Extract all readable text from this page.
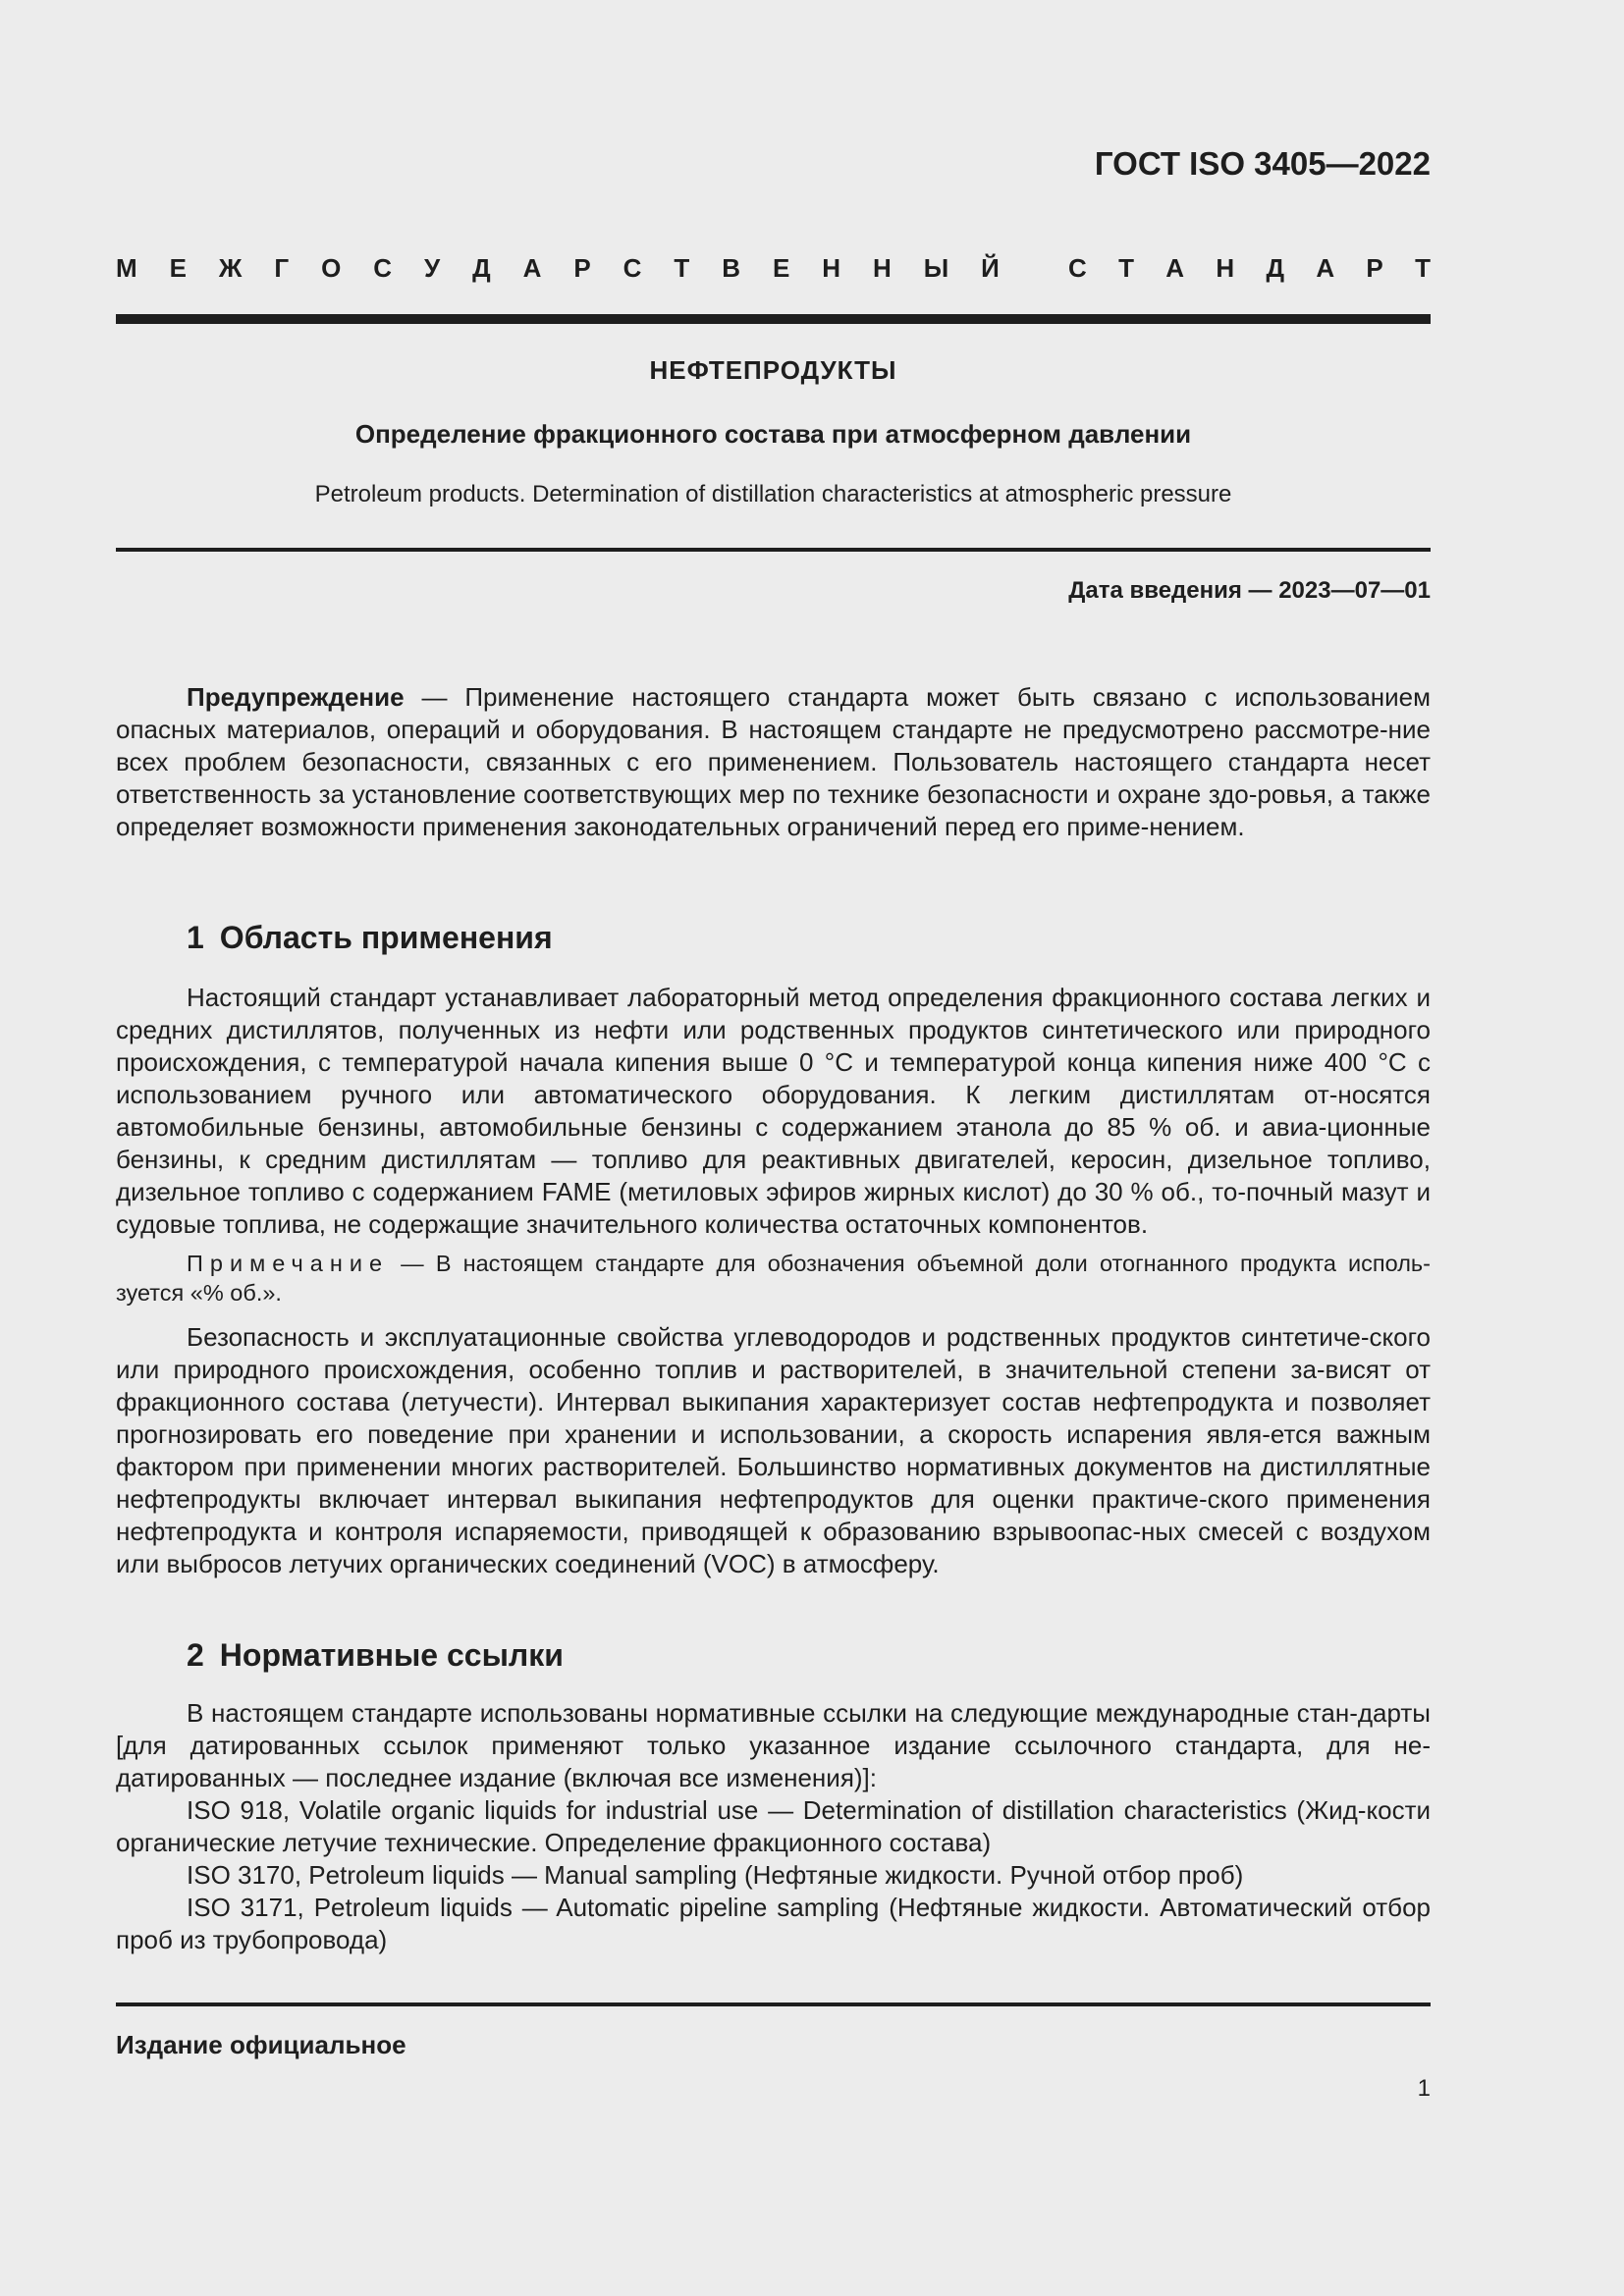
ГОСТ ISO 3405—2022
М Е Ж Г О С У Д А Р С Т В Е Н Н Ы Й	С Т А Н Д А Р Т
НЕФТЕПРОДУКТЫ
Определение фракционного состава при атмосферном давлении
Petroleum products. Determination of distillation characteristics at atmospheric pressure
Дата введения — 2023—07—01

Предупреждение — Применение настоящего стандарта может быть связано с использованием опасных материалов, операций и оборудования. В настоящем стандарте не предусмотрено рассмотре-ние всех проблем безопасности, связанных с его применением. Пользователь настоящего стандарта несет ответственность за установление соответствующих мер по технике безопасности и охране здо-ровья, а также определяет возможности применения законодательных ограничений перед его приме-нением.

1 Область применения

Настоящий стандарт устанавливает лабораторный метод определения фракционного состава легких и средних дистиллятов, полученных из нефти или родственных продуктов синтетического или природного происхождения, с температурой начала кипения выше 0 °С и температурой конца кипения ниже 400 °С с использованием ручного или автоматического оборудования. К легким дистиллятам от-носятся автомобильные бензины, автомобильные бензины с содержанием этанола до 85 % об. и авиа-ционные бензины, к средним дистиллятам — топливо для реактивных двигателей, керосин, дизельное топливо, дизельное топливо с содержанием FAME (метиловых эфиров жирных кислот) до 30 % об., то-почный мазут и судовые топлива, не содержащие значительного количества остаточных компонентов.

Примечание — В настоящем стандарте для обозначения объемной доли отогнанного продукта исполь-зуется «% об.».

Безопасность и эксплуатационные свойства углеводородов и родственных продуктов синтетиче-ского или природного происхождения, особенно топлив и растворителей, в значительной степени за-висят от фракционного состава (летучести). Интервал выкипания характеризует состав нефтепродукта и позволяет прогнозировать его поведение при хранении и использовании, а скорость испарения явля-ется важным фактором при применении многих растворителей. Большинство нормативных документов на дистиллятные нефтепродукты включает интервал выкипания нефтепродуктов для оценки практиче-ского применения нефтепродукта и контроля испаряемости, приводящей к образованию взрывоопас-ных смесей с воздухом или выбросов летучих органических соединений (VOC) в атмосферу.

2 Нормативные ссылки

В настоящем стандарте использованы нормативные ссылки на следующие международные стан-дарты [для датированных ссылок применяют только указанное издание ссылочного стандарта, для не-датированных — последнее издание (включая все изменения)]:

ISO 918, Volatile organic liquids for industrial use — Determination of distillation characteristics (Жид-кости органические летучие технические. Определение фракционного состава)

ISO 3170, Petroleum liquids — Manual sampling (Нефтяные жидкости. Ручной отбор проб)

ISO 3171, Petroleum liquids — Automatic pipeline sampling (Нефтяные жидкости. Автоматический отбор проб из трубопровода)

Издание официальное
1
